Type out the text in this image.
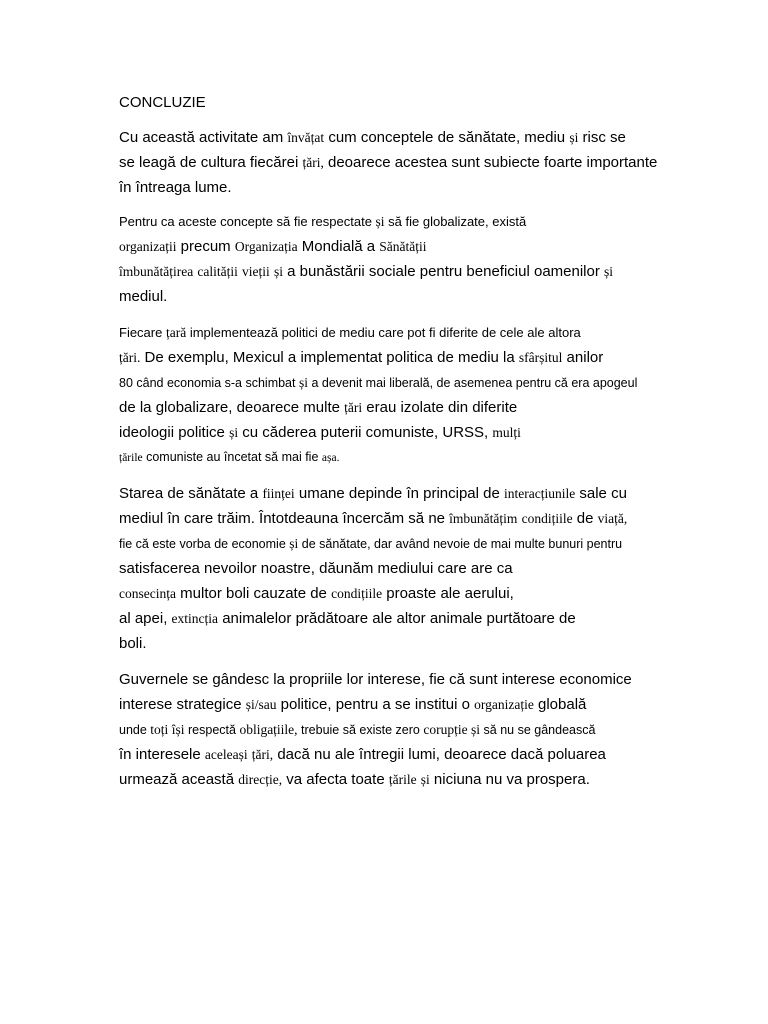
CONCLUZIE
Cu această activitate am învățat cum conceptele de sănătate, mediu și risc se
se leagă de cultura fiecărei țări, deoarece acestea sunt subiecte foarte importante
în întreaga lume.
Pentru ca aceste concepte să fie respectate și să fie globalizate, există
organizații precum Organizația Mondială a Sănătății
îmbunătățirea calității vieții și a bunăstării sociale pentru beneficiul oamenilor și
mediul.
Fiecare țară implementează politici de mediu care pot fi diferite de cele ale altora
țări. De exemplu, Mexicul a implementat politica de mediu la sfârșitul anilor
80 când economia s-a schimbat și a devenit mai liberală, de asemenea pentru că era apogeul
de la globalizare, deoarece multe țări erau izolate din diferite
ideologii politice și cu căderea puterii comuniste, URSS, mulți
țările comuniste au încetat să mai fie așa.
Starea de sănătate a ființei umane depinde în principal de interacțiunile sale cu
mediul în care trăim. Întotdeauna încercăm să ne îmbunătățim condițiile de viață,
fie că este vorba de economie și de sănătate, dar având nevoie de mai multe bunuri pentru
satisfacerea nevoilor noastre, dăunăm mediului care are ca
consecința multor boli cauzate de condițiile proaste ale aerului,
al apei, extincția animalelor prădătoare ale altor animale purtătoare de
boli.
Guvernele se gândesc la propriile lor interese, fie că sunt interese economice
interese strategice și/sau politice, pentru a se institui o organizație globală
unde toți își respectă obligațiile, trebuie să existe zero corupție și să nu se gândească
în interesele aceleași țări, dacă nu ale întregii lumi, deoarece dacă poluarea
urmează această direcție, va afecta toate țările și niciuna nu va prospera.
